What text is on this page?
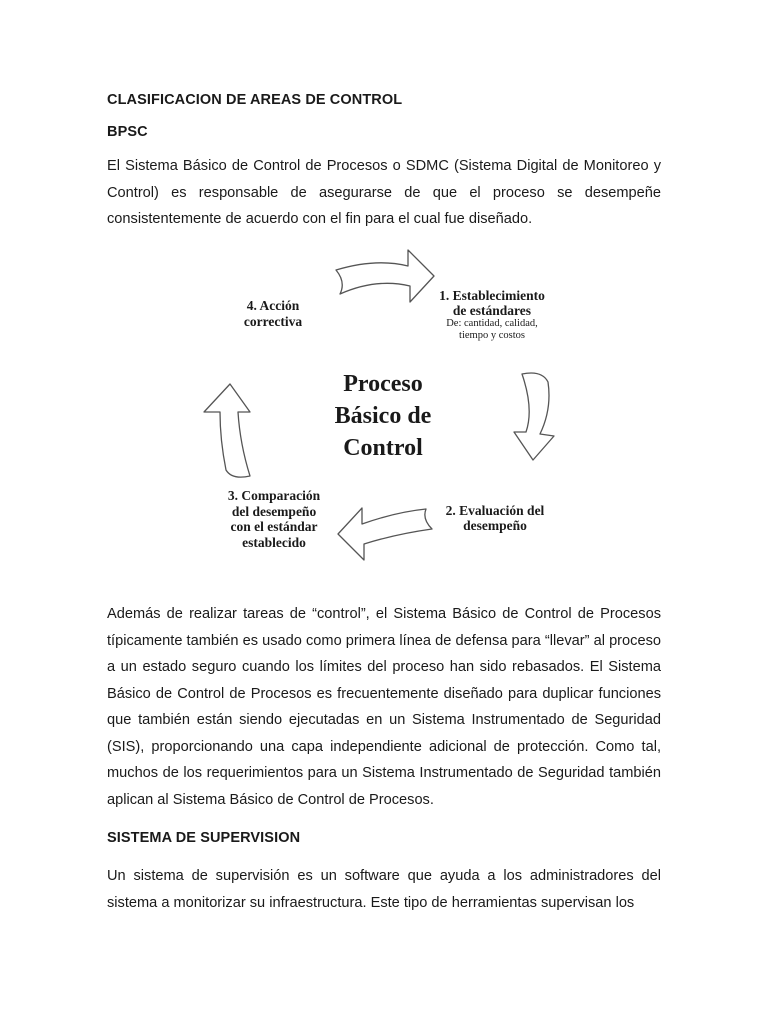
CLASIFICACION DE AREAS DE CONTROL
BPSC

El Sistema Básico de Control de Procesos o SDMC (Sistema Digital de Monitoreo y Control) es responsable de asegurarse de que el proceso se desempeñe consistentemente de acuerdo con el fin para el cual fue diseñado.

Proceso
Básico de
Control

1. Establecimiento
de estándares
De: cantidad, calidad,
tiempo y costos

2. Evaluación del
desempeño

3. Comparación
del desempeño
con el estándar
establecido

4. Acción
correctiva

Además de realizar tareas de “control”, el Sistema Básico de Control de Procesos típicamente también es usado como primera línea de defensa para “llevar” al proceso a un estado seguro cuando los límites del proceso han sido rebasados. El Sistema Básico de Control de Procesos es frecuentemente diseñado para duplicar funciones que también están siendo ejecutadas en un Sistema Instrumentado de Seguridad (SIS), proporcionando una capa independiente adicional de protección. Como tal, muchos de los requerimientos para un Sistema Instrumentado de Seguridad también aplican al Sistema Básico de Control de Procesos.

SISTEMA DE SUPERVISION

Un sistema de supervisión es un software que ayuda a los administradores del sistema a monitorizar su infraestructura. Este tipo de herramientas supervisan los
